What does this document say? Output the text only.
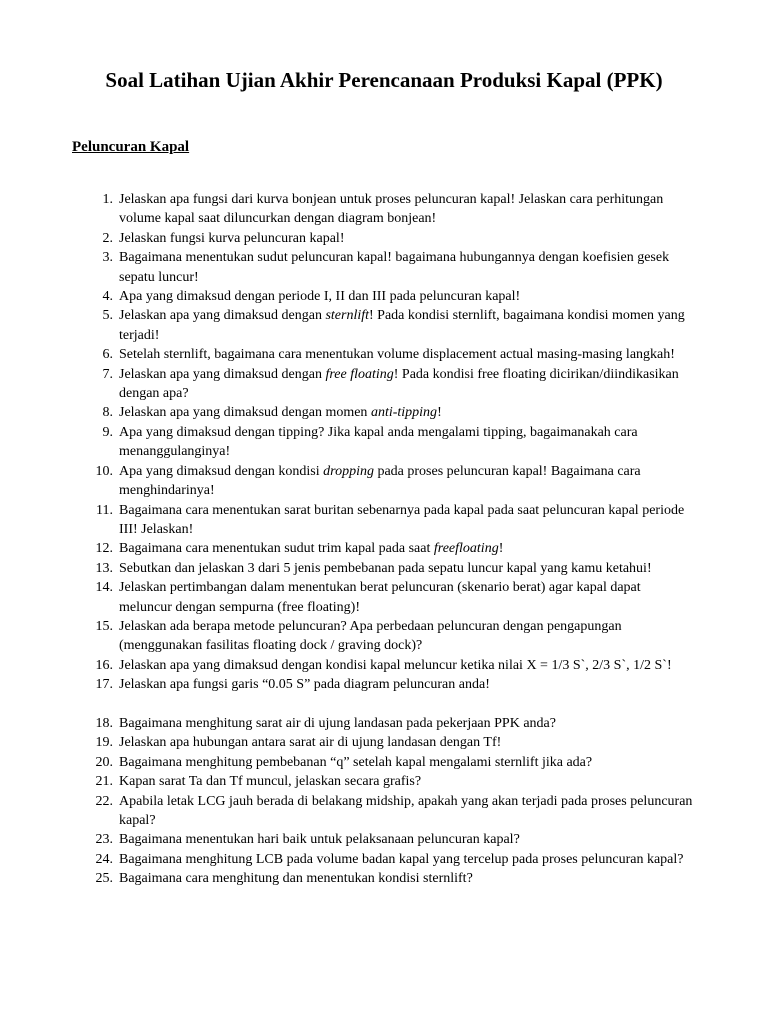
Soal Latihan Ujian Akhir Perencanaan Produksi Kapal (PPK)
Peluncuran Kapal
1. Jelaskan apa fungsi dari kurva bonjean untuk proses peluncuran kapal! Jelaskan cara perhitungan volume kapal saat diluncurkan dengan diagram bonjean!
2. Jelaskan fungsi kurva peluncuran kapal!
3. Bagaimana menentukan sudut peluncuran kapal! bagaimana hubungannya dengan koefisien gesek sepatu luncur!
4. Apa yang dimaksud dengan periode I, II dan III pada peluncuran kapal!
5. Jelaskan apa yang dimaksud dengan sternlift! Pada kondisi sternlift, bagaimana kondisi momen yang terjadi!
6. Setelah sternlift, bagaimana cara menentukan volume displacement actual masing-masing langkah!
7. Jelaskan apa yang dimaksud dengan free floating! Pada kondisi free floating dicirikan/diindikasikan dengan apa?
8. Jelaskan apa yang dimaksud dengan momen anti-tipping!
9. Apa yang dimaksud dengan tipping? Jika kapal anda mengalami tipping, bagaimanakah cara menanggulanginya!
10. Apa yang dimaksud dengan kondisi dropping pada proses peluncuran kapal! Bagaimana cara menghindarinya!
11. Bagaimana cara menentukan sarat buritan sebenarnya pada kapal pada saat peluncuran kapal periode III! Jelaskan!
12. Bagaimana cara menentukan sudut trim kapal pada saat freefloating!
13. Sebutkan dan jelaskan 3 dari 5 jenis pembebanan pada sepatu luncur kapal yang kamu ketahui!
14. Jelaskan pertimbangan dalam menentukan berat peluncuran (skenario berat) agar kapal dapat meluncur dengan sempurna (free floating)!
15. Jelaskan ada berapa metode peluncuran? Apa perbedaan peluncuran dengan pengapungan (menggunakan fasilitas floating dock / graving dock)?
16. Jelaskan apa yang dimaksud dengan kondisi kapal meluncur ketika nilai X = 1/3 S`, 2/3 S`, 1/2 S`!
17. Jelaskan apa fungsi garis “0.05 S” pada diagram peluncuran anda!
18. Bagaimana menghitung sarat air di ujung landasan pada pekerjaan PPK anda?
19. Jelaskan apa hubungan antara sarat air di ujung landasan dengan Tf!
20. Bagaimana menghitung pembebanan “q” setelah kapal mengalami sternlift jika ada?
21. Kapan sarat Ta dan Tf muncul, jelaskan secara grafis?
22. Apabila letak LCG jauh berada di belakang midship, apakah yang akan terjadi pada proses peluncuran kapal?
23. Bagaimana menentukan hari baik untuk pelaksanaan peluncuran kapal?
24. Bagaimana menghitung LCB pada volume badan kapal yang tercelup pada proses peluncuran kapal?
25. Bagaimana cara menghitung dan menentukan kondisi sternlift?
